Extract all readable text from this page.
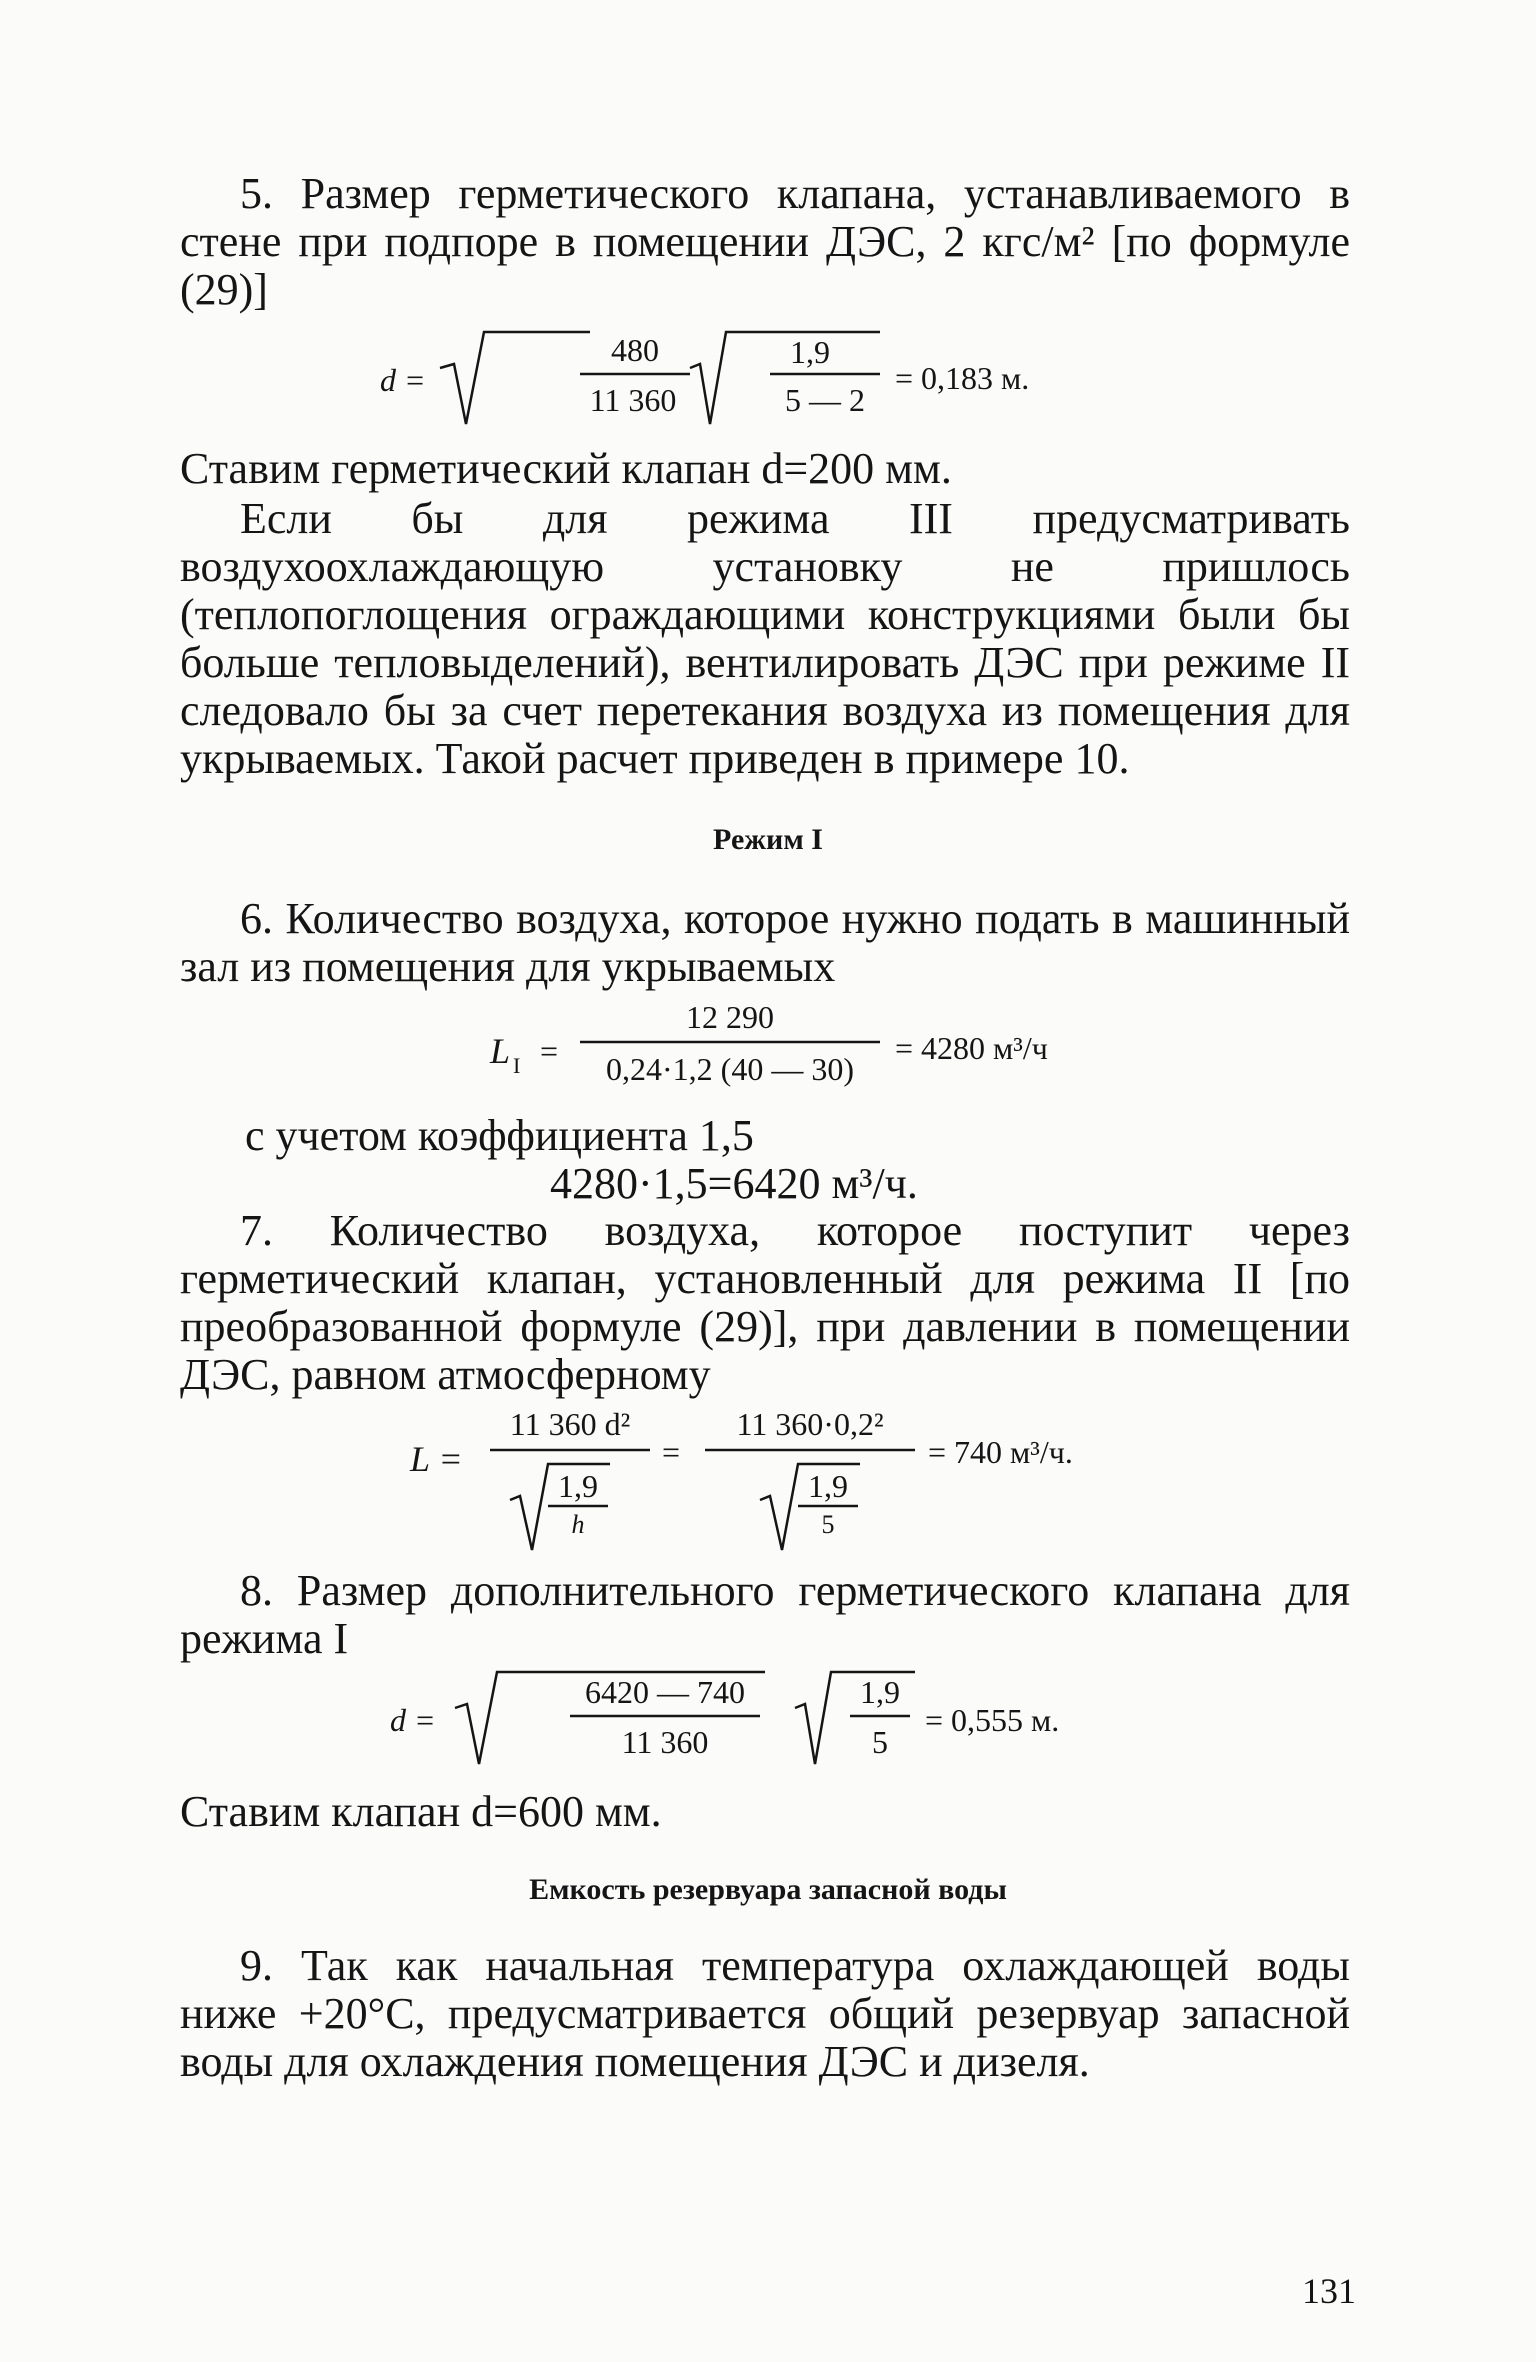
5. Размер герметического клапана, устанавливаемого в стене при подпоре в помещении ДЭС, 2 кгс/м² [по формуле (29)]
d =
480
11 360
1,9
5 — 2
= 0,183 м.
Ставим герметический клапан d=200 мм.
Если бы для режима III предусматривать воздухоохлаждающую установку не пришлось (теплопоглощения ограждающими конструкциями были бы больше тепловыделений), вентилировать ДЭС при режиме II следовало бы за счет перетекания воздуха из помещения для укрываемых. Такой расчет приведен в примере 10.
Режим I
6. Количество воздуха, которое нужно подать в машинный зал из помещения для укрываемых
L I =
12 290
0,24·1,2 (40 — 30)
= 4280 м³/ч
с учетом коэффициента 1,5
4280·1,5=6420 м³/ч.
7. Количество воздуха, которое поступит через герметический клапан, установленный для режима II [по преобразованной формуле (29)], при давлении в помещении ДЭС, равном атмосферному
L =
11 360 d²
1,9
h
=
11 360·0,2²
1,9
5
= 740 м³/ч.
8. Размер дополнительного герметического клапана для режима I
d =
6420 — 740
11 360
1,9
5
= 0,555 м.
Ставим клапан d=600 мм.
Емкость резервуара запасной воды
9. Так как начальная температура охлаждающей воды ниже +20°С, предусматривается общий резервуар запасной воды для охлаждения помещения ДЭС и дизеля.
131
